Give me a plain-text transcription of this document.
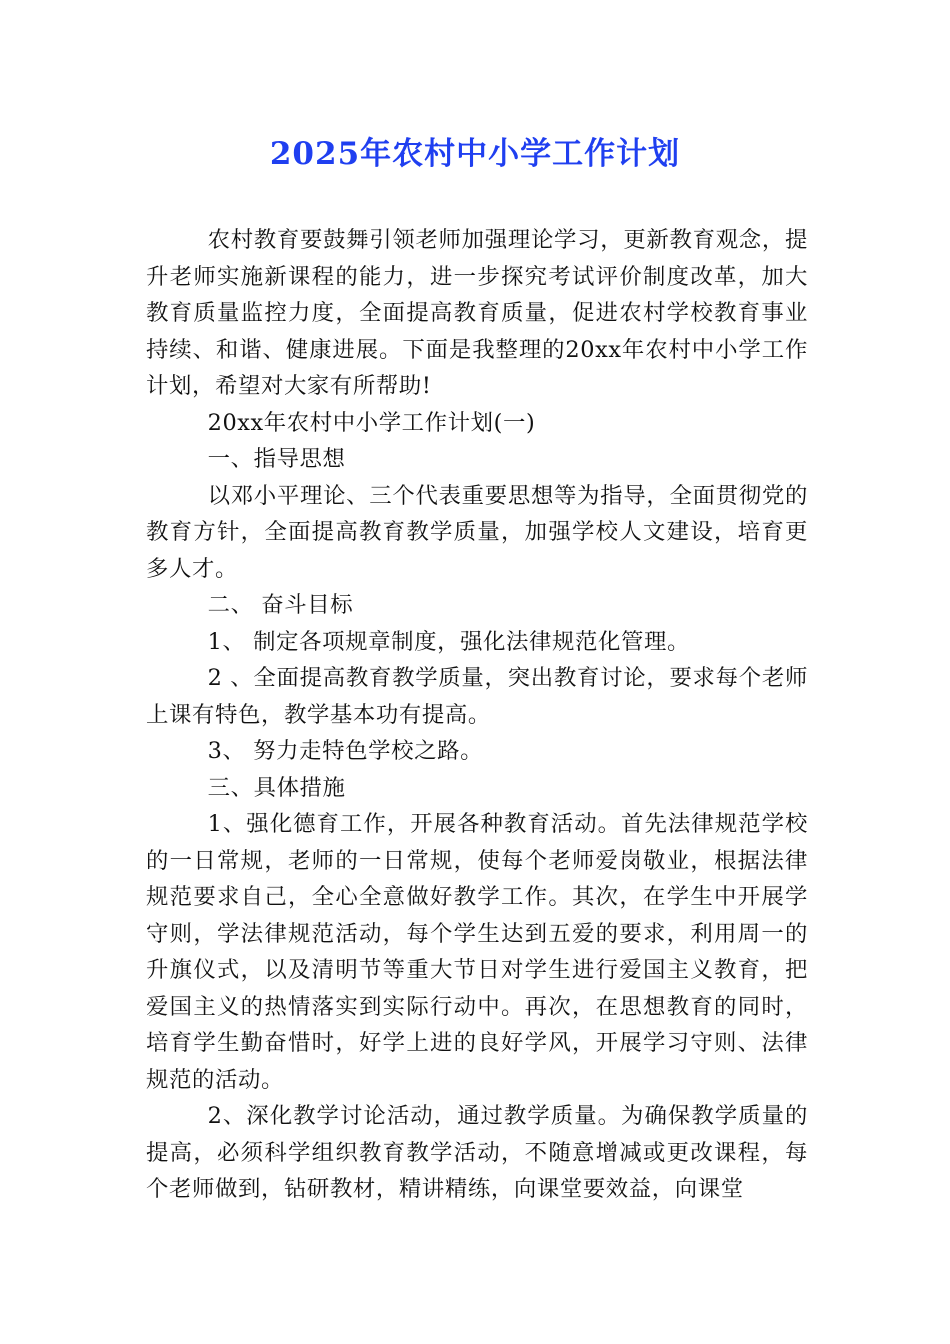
2025年农村中小学工作计划

农村教育要鼓舞引领老师加强理论学习，更新教育观念，提升老师实施新课程的能力，进一步探究考试评价制度改革，加大教育质量监控力度，全面提高教育质量，促进农村学校教育事业持续、和谐、健康进展。下面是我整理的20xx年农村中小学工作计划，希望对大家有所帮助!

20xx年农村中小学工作计划(一)

一、指导思想

以邓小平理论、三个代表重要思想等为指导，全面贯彻党的教育方针，全面提高教育教学质量，加强学校人文建设，培育更多人才。

二、 奋斗目标

1、 制定各项规章制度，强化法律规范化管理。

2 、全面提高教育教学质量，突出教育讨论，要求每个老师上课有特色，教学基本功有提高。

3、 努力走特色学校之路。

三、具体措施

1、强化德育工作，开展各种教育活动。首先法律规范学校的一日常规，老师的一日常规，使每个老师爱岗敬业，根据法律规范要求自己，全心全意做好教学工作。其次，在学生中开展学守则，学法律规范活动，每个学生达到五爱的要求，利用周一的升旗仪式，以及清明节等重大节日对学生进行爱国主义教育，把爱国主义的热情落实到实际行动中。再次，在思想教育的同时，培育学生勤奋惜时，好学上进的良好学风，开展学习守则、法律规范的活动。

2、深化教学讨论活动，通过教学质量。为确保教学质量的提高，必须科学组织教育教学活动，不随意增减或更改课程，每个老师做到，钻研教材，精讲精练，向课堂要效益，向课堂
